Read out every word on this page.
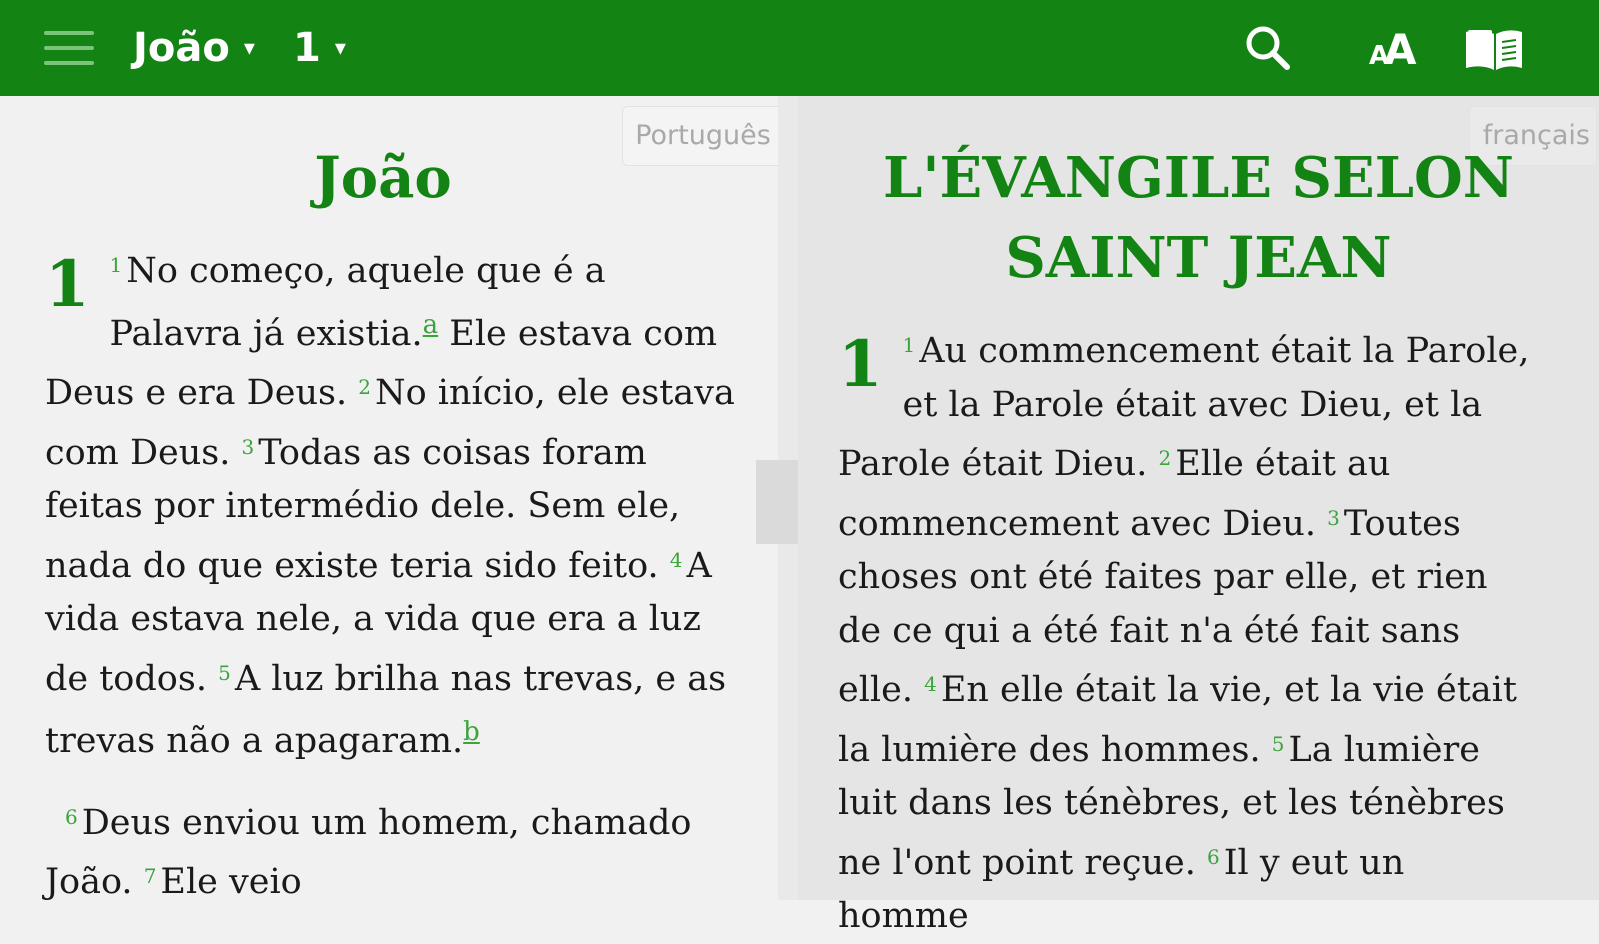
João ▾ 1 ▾	A
A
Português
João

1 $^1$ No começo, aquele que é a Palavra já existia.$^a$ Ele estava com Deus e era Deus. $^2$ No início, ele estava com Deus. $^3$ Todas as coisas foram feitas por intermédio dele. Sem ele, nada do que existe teria sido feito. $^4$ A vida estava nele, a vida que era a luz de todos. $^5$ A luz brilha nas trevas, e as trevas não a apagaram.$^b$

$^6$ Deus enviou um homem, chamado João. $^7$ Ele veio

français
L'ÉVANGILE SELON SAINT JEAN

1 $^1$ Au commencement était la Parole, et la Parole était avec Dieu, et la Parole était Dieu. $^2$ Elle était au commencement avec Dieu. $^3$ Toutes choses ont été faites par elle, et rien de ce qui a été fait n'a été fait sans elle. $^4$ En elle était la vie, et la vie était la lumière des hommes. $^5$ La lumière luit dans les ténèbres, et les ténèbres ne l'ont point reçue. $^6$ Il y eut un homme
